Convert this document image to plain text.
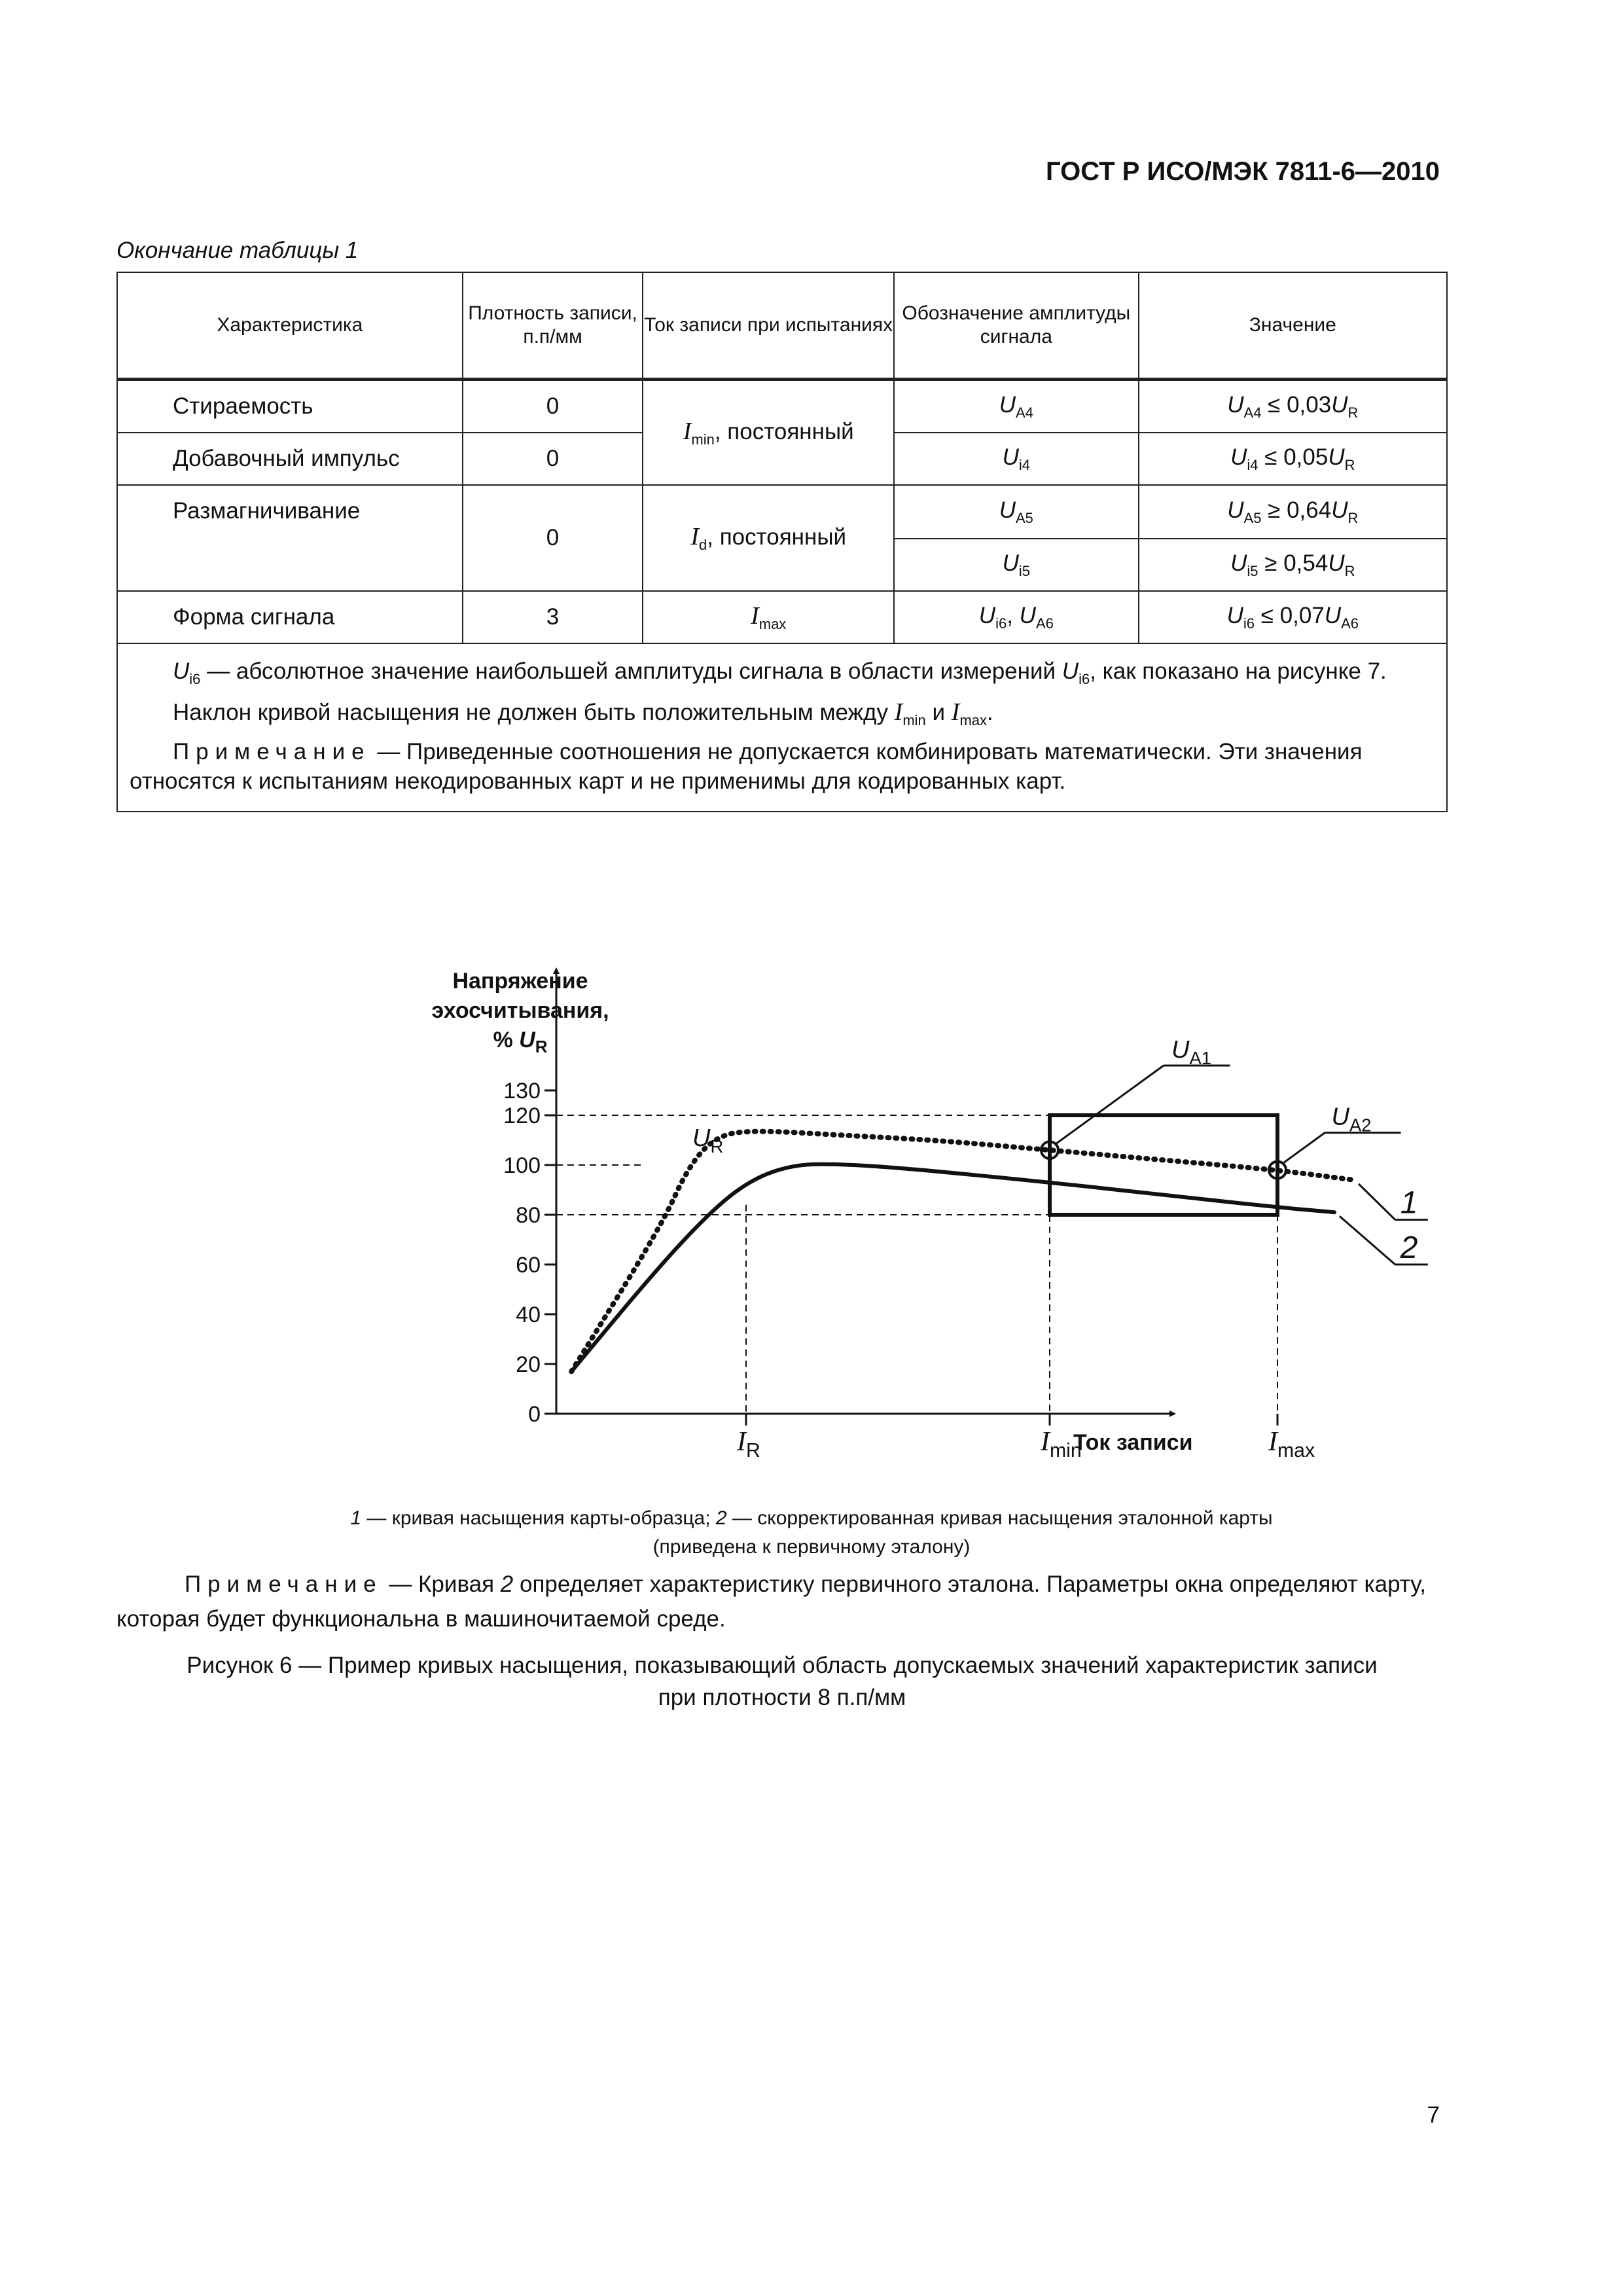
ГОСТ Р ИСО/МЭК 7811-6—2010
Окончание таблицы 1
Характеристика	Плотность записи, п.п/мм	Ток записи при испытаниях	Обозначение амплитуды сигнала	Значение
Стираемость	0	$I_{min}$, постоянный	$U_{A4}$	$U_{A4} \le 0,03U_R$
Добавочный импульс	0		$U_{i4}$	$U_{i4} \le 0,05U_R$
Размагничивание	0	$I_d$, постоянный	$U_{A5}$	$U_{A5} \ge 0,64U_R$
			$U_{i5}$	$U_{i5} \ge 0,54U_R$
Форма сигнала	3	$I_{max}$	$U_{i6}$, $U_{A6}$	$U_{i6} \le 0,07U_{A6}$

$U_{i6}$ — абсолютное значение наибольшей амплитуды сигнала в области измерений $U_{i6}$, как показано на рисунке 7.

Наклон кривой насыщения не должен быть положительным между $I_{min}$ и $I_{max}$.

Примечание — Приведенные соотношения не допускается комбинировать математически. Эти значения относятся к испытаниям некодированных карт и не применимы для кодированных карт.				

0
20
40
60
80
100
120
130
Напряжение
эхосчитывания,
% $U_R$
Ток записи
$I_R$	$I_{min}$	$I_{max}$
$U_R$
$U_{A1}$
$U_{A2}$
1
2
1 — кривая насыщения карты-образца; 2 — скорректированная кривая насыщения эталонной карты
(приведена к первичному эталону)
Примечание — Кривая 2 определяет характеристику первичного эталона. Параметры окна определяют карту, которая будет функциональна в машиночитаемой среде.
Рисунок 6 — Пример кривых насыщения, показывающий область допускаемых значений характеристик записи
при плотности 8 п.п/мм
7
